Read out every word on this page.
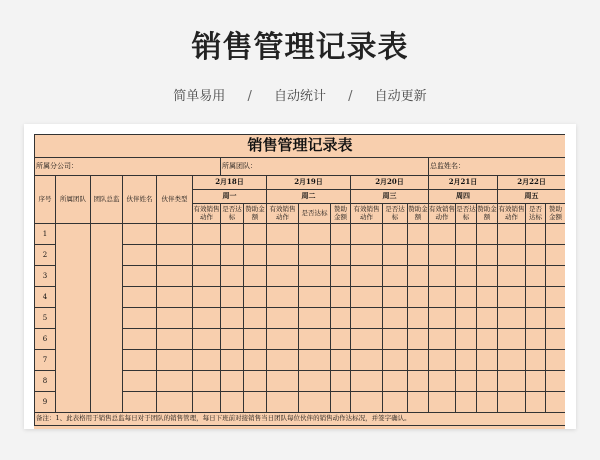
销售管理记录表
简单易用 / 自动统计 / 自动更新
销售管理记录表																			
所属分公司：						所属团队：								总监姓名：					
序号	所属团队	团队总监	伙伴姓名	伙伴类型	2月18日			2月19日			2月20日			2月21日			2月22日		
					周一			周二			周三			周四			周五		
					有效销售动作	是否达标	赞助金额	有效销售动作	是否达标	赞助金额	有效销售动作	是否达标	赞助金额	有效销售动作	是否达标	赞助金额	有效销售动作	是否达标	赞助金额
1																			
2																			
3																			
4																			
5																			
6																			
7																			
8																			
9																			
备注：1、此表格用于销售总监每日对于团队的销售管理，每日下班前对接销售当日团队每位伙伴的销售动作达标况，并签字确认。																			
